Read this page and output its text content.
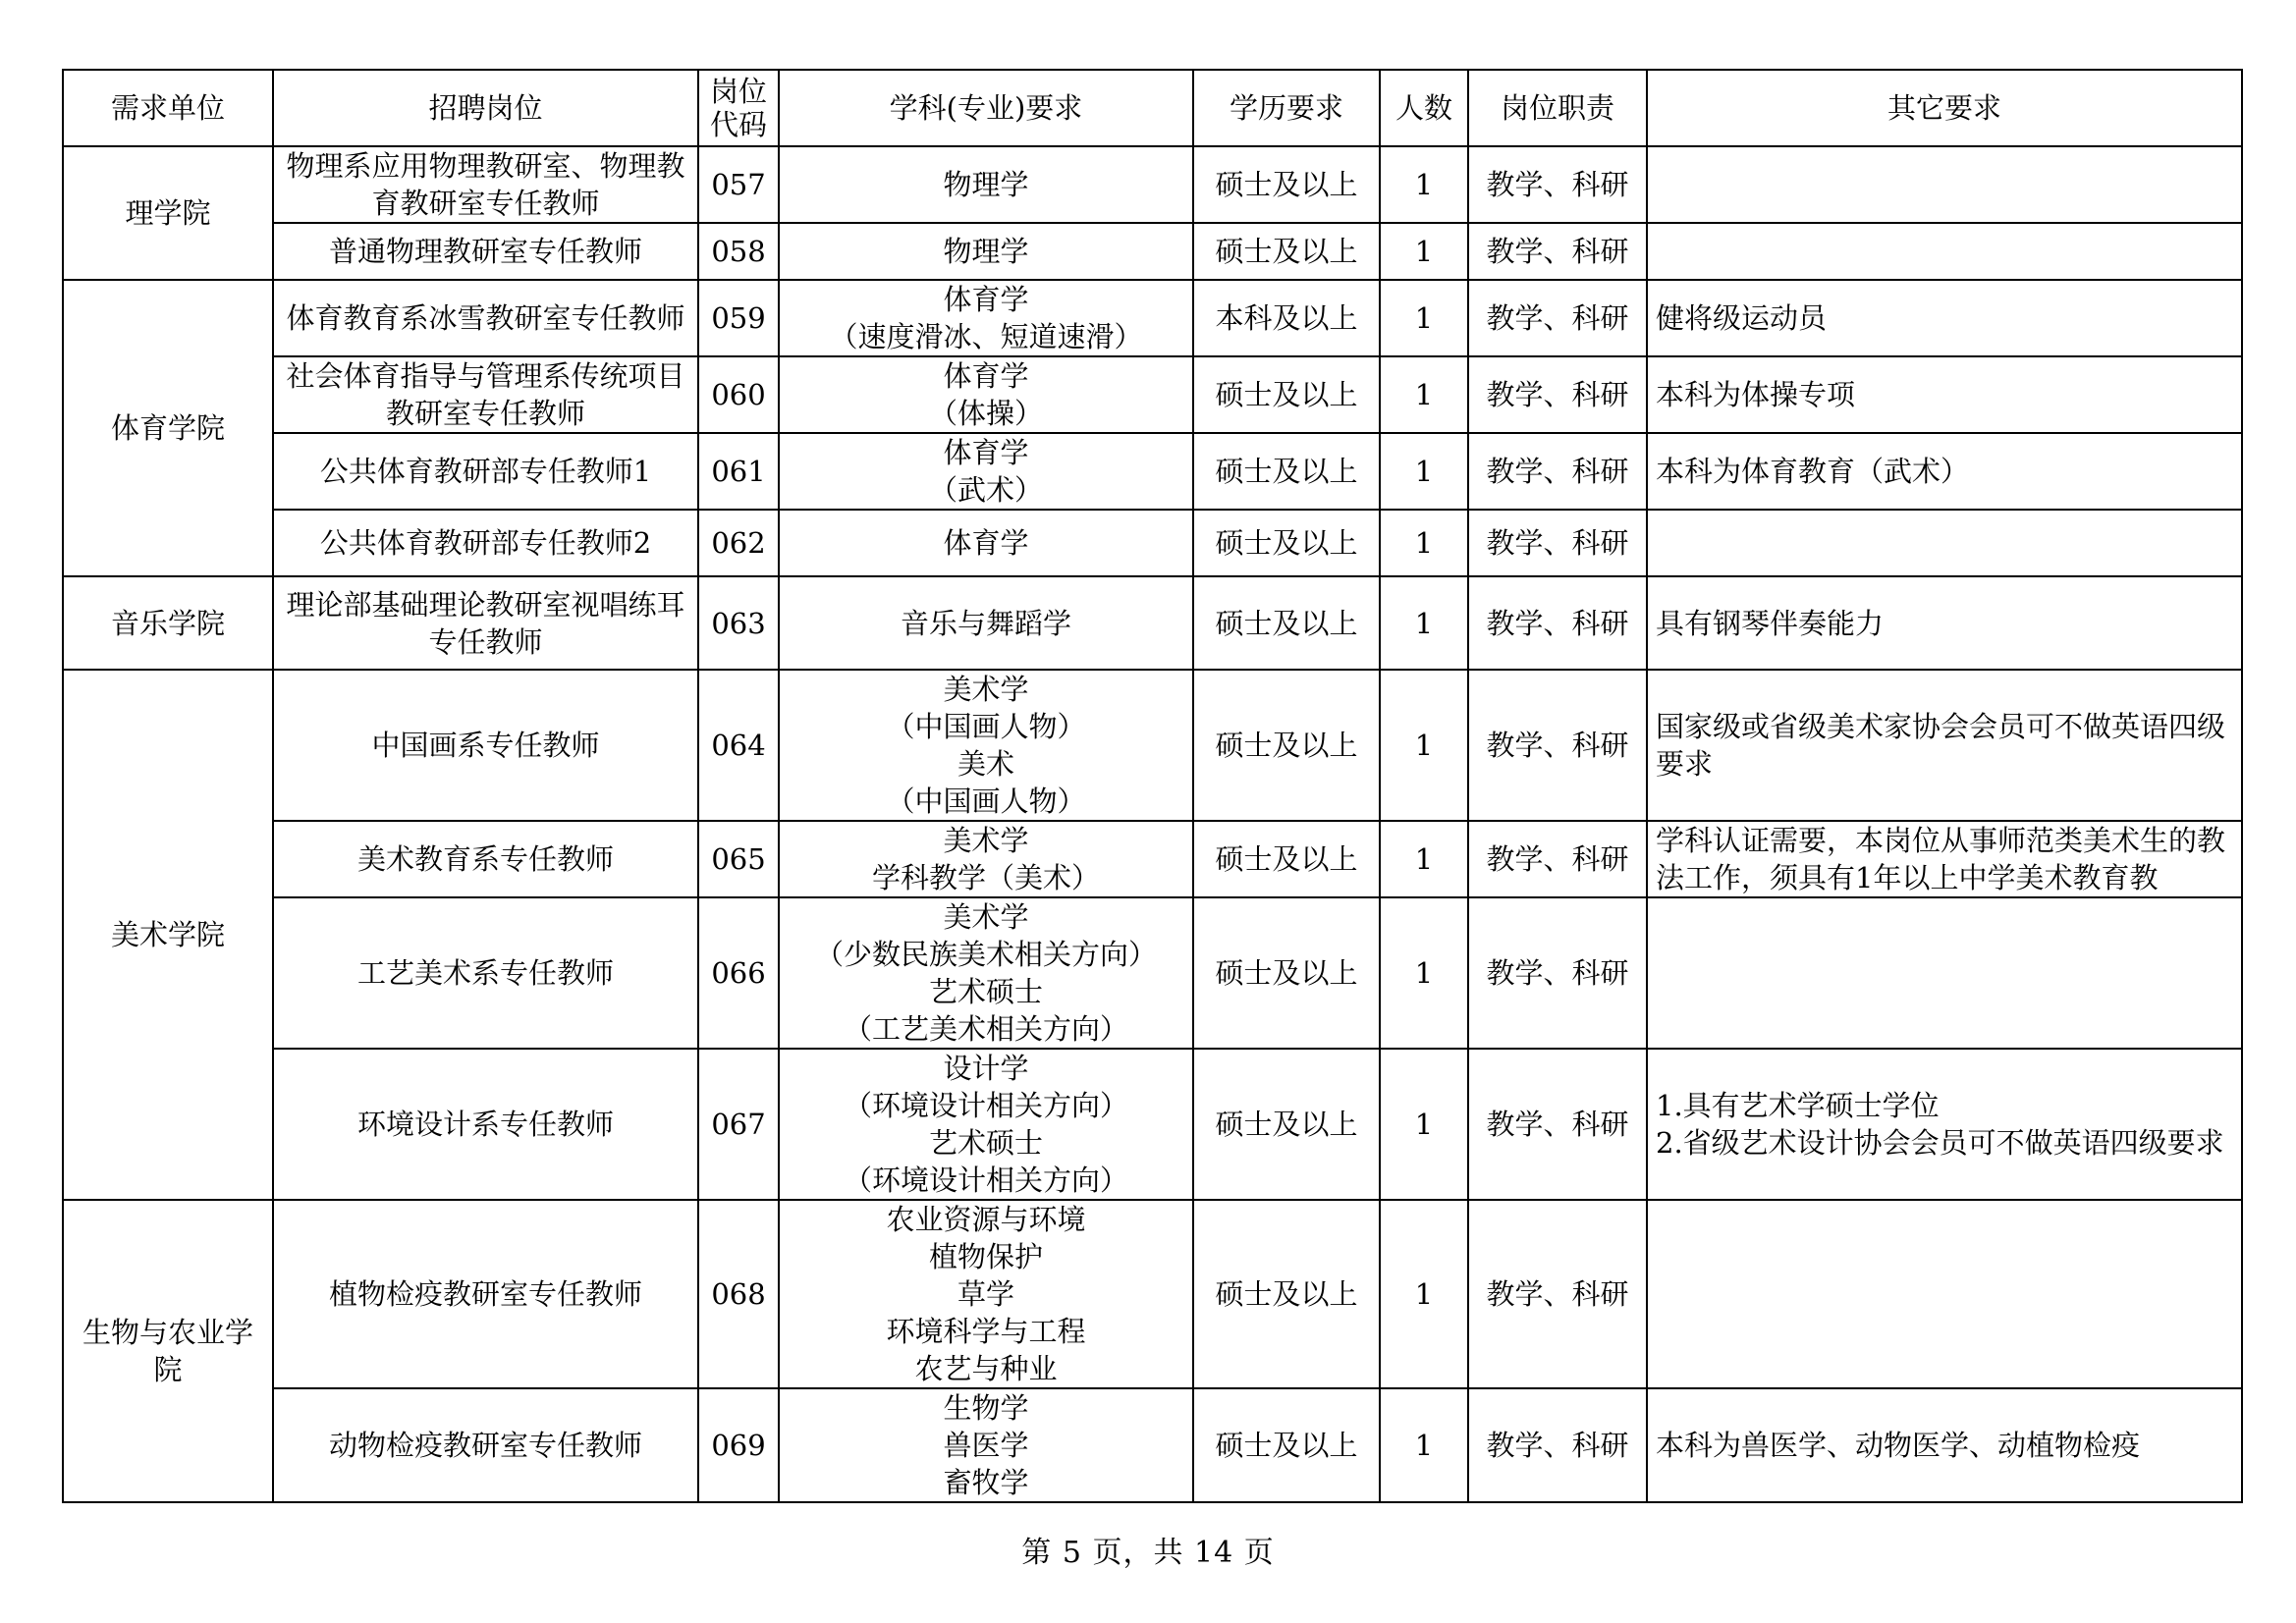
需求单位	招聘岗位	岗位
代码	学科(专业)要求	学历要求	人数	岗位职责	其它要求
理学院	物理系应用物理教研室、物理教育教研室专任教师	057	物理学	硕士及以上	1	教学、科研	
	普通物理教研室专任教师	058	物理学	硕士及以上	1	教学、科研	
体育学院	体育教育系冰雪教研室专任教师	059	体育学
（速度滑冰、短道速滑）	本科及以上	1	教学、科研	健将级运动员
	社会体育指导与管理系传统项目教研室专任教师	060	体育学
（体操）	硕士及以上	1	教学、科研	本科为体操专项
	公共体育教研部专任教师1	061	体育学
（武术）	硕士及以上	1	教学、科研	本科为体育教育（武术）
	公共体育教研部专任教师2	062	体育学	硕士及以上	1	教学、科研	
音乐学院	理论部基础理论教研室视唱练耳专任教师	063	音乐与舞蹈学	硕士及以上	1	教学、科研	具有钢琴伴奏能力
美术学院	中国画系专任教师	064	美术学
（中国画人物）
美术
（中国画人物）	硕士及以上	1	教学、科研	国家级或省级美术家协会会员可不做英语四级要求
	美术教育系专任教师	065	美术学
学科教学（美术）	硕士及以上	1	教学、科研	学科认证需要，本岗位从事师范类美术生的教法工作，须具有1年以上中学美术教育教
	工艺美术系专任教师	066	美术学
（少数民族美术相关方向）
艺术硕士
（工艺美术相关方向）	硕士及以上	1	教学、科研	
	环境设计系专任教师	067	设计学
（环境设计相关方向）
艺术硕士
（环境设计相关方向）	硕士及以上	1	教学、科研	1.具有艺术学硕士学位
2.省级艺术设计协会会员可不做英语四级要求

生物与农业学院	植物检疫教研室专任教师	068	农业资源与环境
植物保护
草学
环境科学与工程
农艺与种业	硕士及以上	1	教学、科研	
	动物检疫教研室专任教师	069	生物学
兽医学
畜牧学	硕士及以上	1	教学、科研	本科为兽医学、动物医学、动植物检疫
第 5 页，共 14 页
